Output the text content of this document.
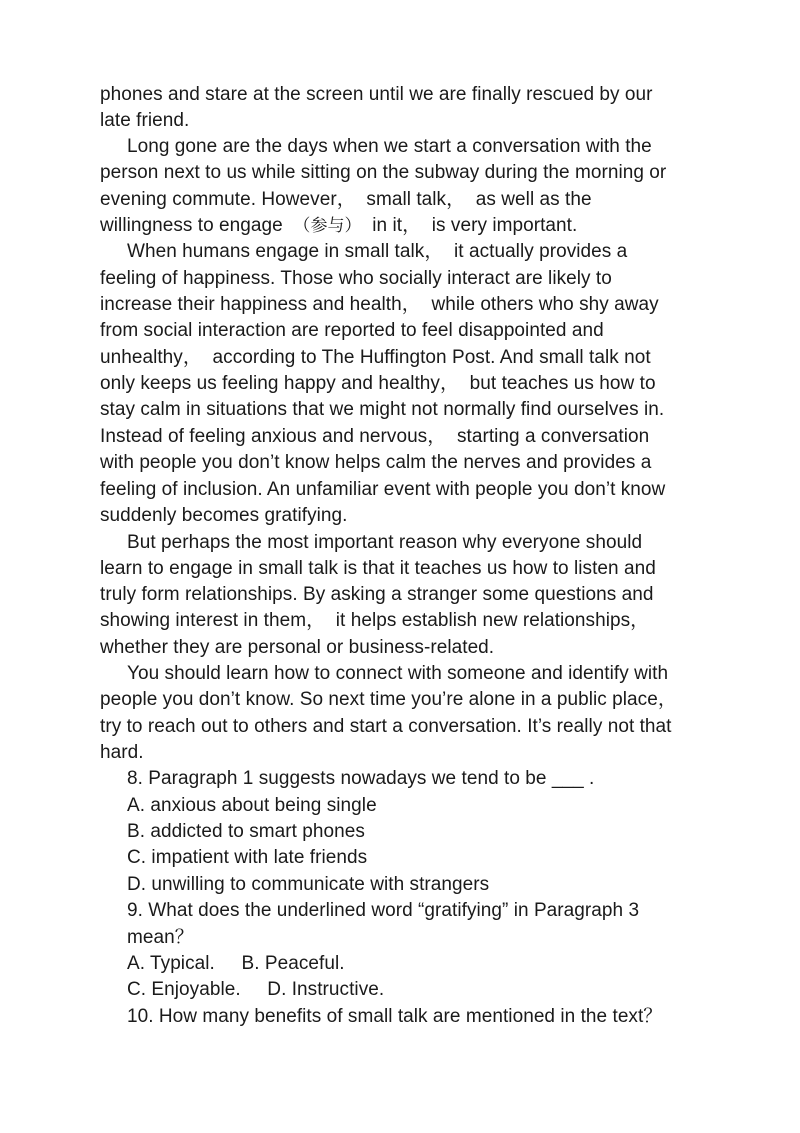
phones and stare at the screen until we are finally rescued by our
late friend.
Long gone are the days when we start a conversation with the
person next to us while sitting on the subway during the morning or
evening commute. However，  small talk，  as well as the
willingness to engage  （参与）  in it，  is very important.
When humans engage in small talk，  it actually provides a
feeling of happiness. Those who socially interact are likely to
increase their happiness and health，  while others who shy away
from social interaction are reported to feel disappointed and
unhealthy，  according to The Huffington Post. And small talk not
only keeps us feeling happy and healthy，  but teaches us how to
stay calm in situations that we might not normally find ourselves in.
Instead of feeling anxious and nervous，  starting a conversation
with people you don’t know helps calm the nerves and provides a
feeling of inclusion. An unfamiliar event with people you don’t know
suddenly becomes gratifying.
But perhaps the most important reason why everyone should
learn to engage in small talk is that it teaches us how to listen and
truly form relationships. By asking a stranger some questions and
showing interest in them，  it helps establish new relationships，
whether they are personal or business-related.
You should learn how to connect with someone and identify with
people you don’t know. So next time you’re alone in a public place，
try to reach out to others and start a conversation. It’s really not that
hard.
8. Paragraph 1 suggests nowadays we tend to be ___ .
A. anxious about being single
B. addicted to smart phones
C. impatient with late friends
D. unwilling to communicate with strangers
9. What does the underlined word “gratifying” in Paragraph 3
mean？
A. Typical.     B. Peaceful.
C. Enjoyable.     D. Instructive.
10. How many benefits of small talk are mentioned in the text？
